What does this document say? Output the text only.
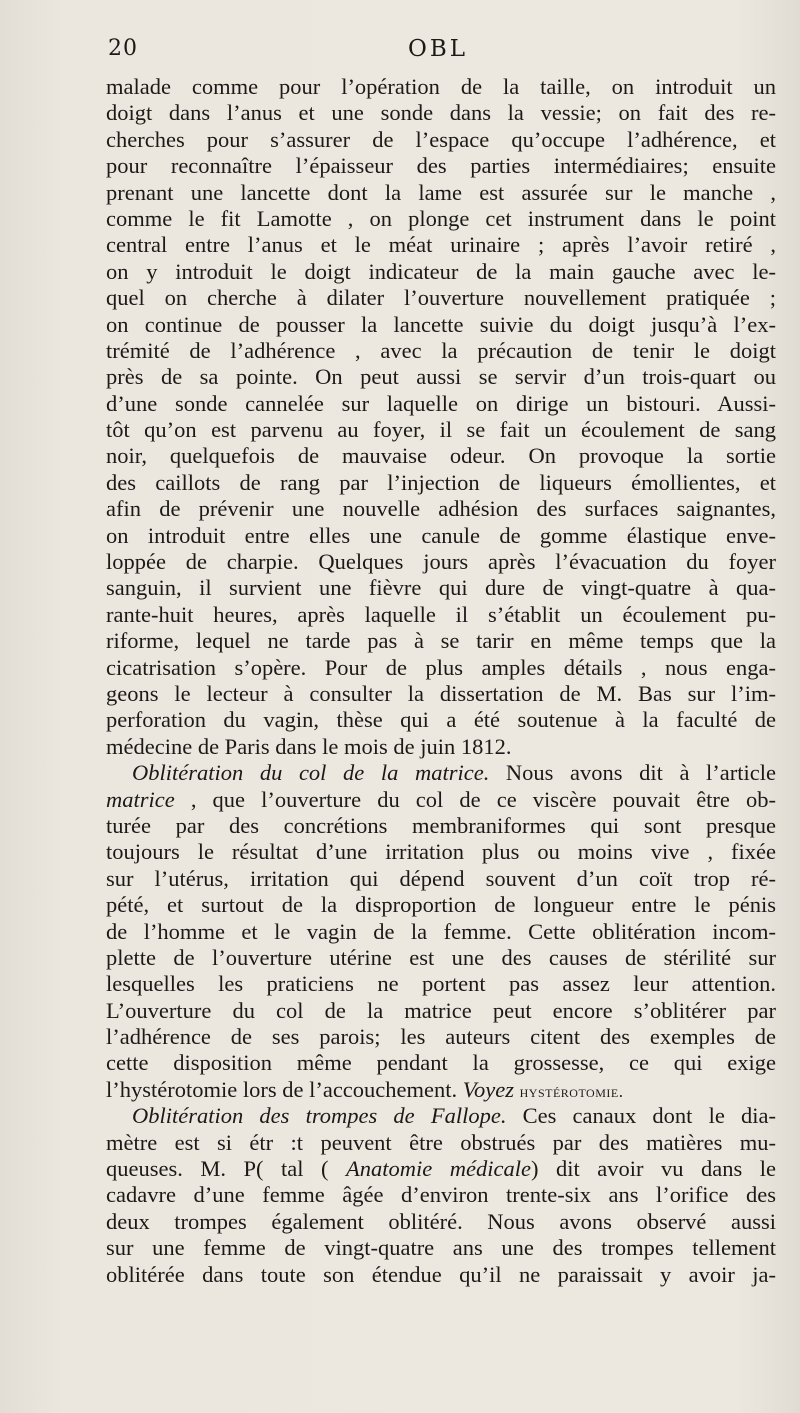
20	OBL
malade comme pour l’opération de la taille, on introduit un
doigt dans l’anus et une sonde dans la vessie; on fait des re-
cherches pour s’assurer de l’espace qu’occupe l’adhérence, et
pour reconnaître l’épaisseur des parties intermédiaires; ensuite
prenant une lancette dont la lame est assurée sur le manche ,
comme le fit Lamotte , on plonge cet instrument dans le point
central entre l’anus et le méat urinaire ; après l’avoir retiré ,
on y introduit le doigt indicateur de la main gauche avec le-
quel on cherche à dilater l’ouverture nouvellement pratiquée ;
on continue de pousser la lancette suivie du doigt jusqu’à l’ex-
trémité de l’adhérence , avec la précaution de tenir le doigt
près de sa pointe. On peut aussi se servir d’un trois-quart ou
d’une sonde cannelée sur laquelle on dirige un bistouri. Aussi-
tôt qu’on est parvenu au foyer, il se fait un écoulement de sang
noir, quelquefois de mauvaise odeur. On provoque la sortie
des caillots de rang par l’injection de liqueurs émollientes, et
afin de prévenir une nouvelle adhésion des surfaces saignantes,
on introduit entre elles une canule de gomme élastique enve-
loppée de charpie. Quelques jours après l’évacuation du foyer
sanguin, il survient une fièvre qui dure de vingt-quatre à qua-
rante-huit heures, après laquelle il s’établit un écoulement pu-
riforme, lequel ne tarde pas à se tarir en même temps que la
cicatrisation s’opère. Pour de plus amples détails , nous enga-
geons le lecteur à consulter la dissertation de M. Bas sur l’im-
perforation du vagin, thèse qui a été soutenue à la faculté de
médecine de Paris dans le mois de juin 1812.
Oblitération du col de la matrice. Nous avons dit à l’article
matrice , que l’ouverture du col de ce viscère pouvait être ob-
turée par des concrétions membraniformes qui sont presque
toujours le résultat d’une irritation plus ou moins vive , fixée
sur l’utérus, irritation qui dépend souvent d’un coït trop ré-
pété, et surtout de la disproportion de longueur entre le pénis
de l’homme et le vagin de la femme. Cette oblitération incom-
plette de l’ouverture utérine est une des causes de stérilité sur
lesquelles les praticiens ne portent pas assez leur attention.
L’ouverture du col de la matrice peut encore s’oblitérer par
l’adhérence de ses parois; les auteurs citent des exemples de
cette disposition même pendant la grossesse, ce qui exige
l’hystérotomie lors de l’accouchement. Voyez hystérotomie.
Oblitération des trompes de Fallope. Ces canaux dont le dia-
mètre est si étr :t peuvent être obstrués par des matières mu-
queuses. M. P( tal ( Anatomie médicale) dit avoir vu dans le
cadavre d’une femme âgée d’environ trente-six ans l’orifice des
deux trompes également oblitéré. Nous avons observé aussi
sur une femme de vingt-quatre ans une des trompes tellement
oblitérée dans toute son étendue qu’il ne paraissait y avoir ja-
